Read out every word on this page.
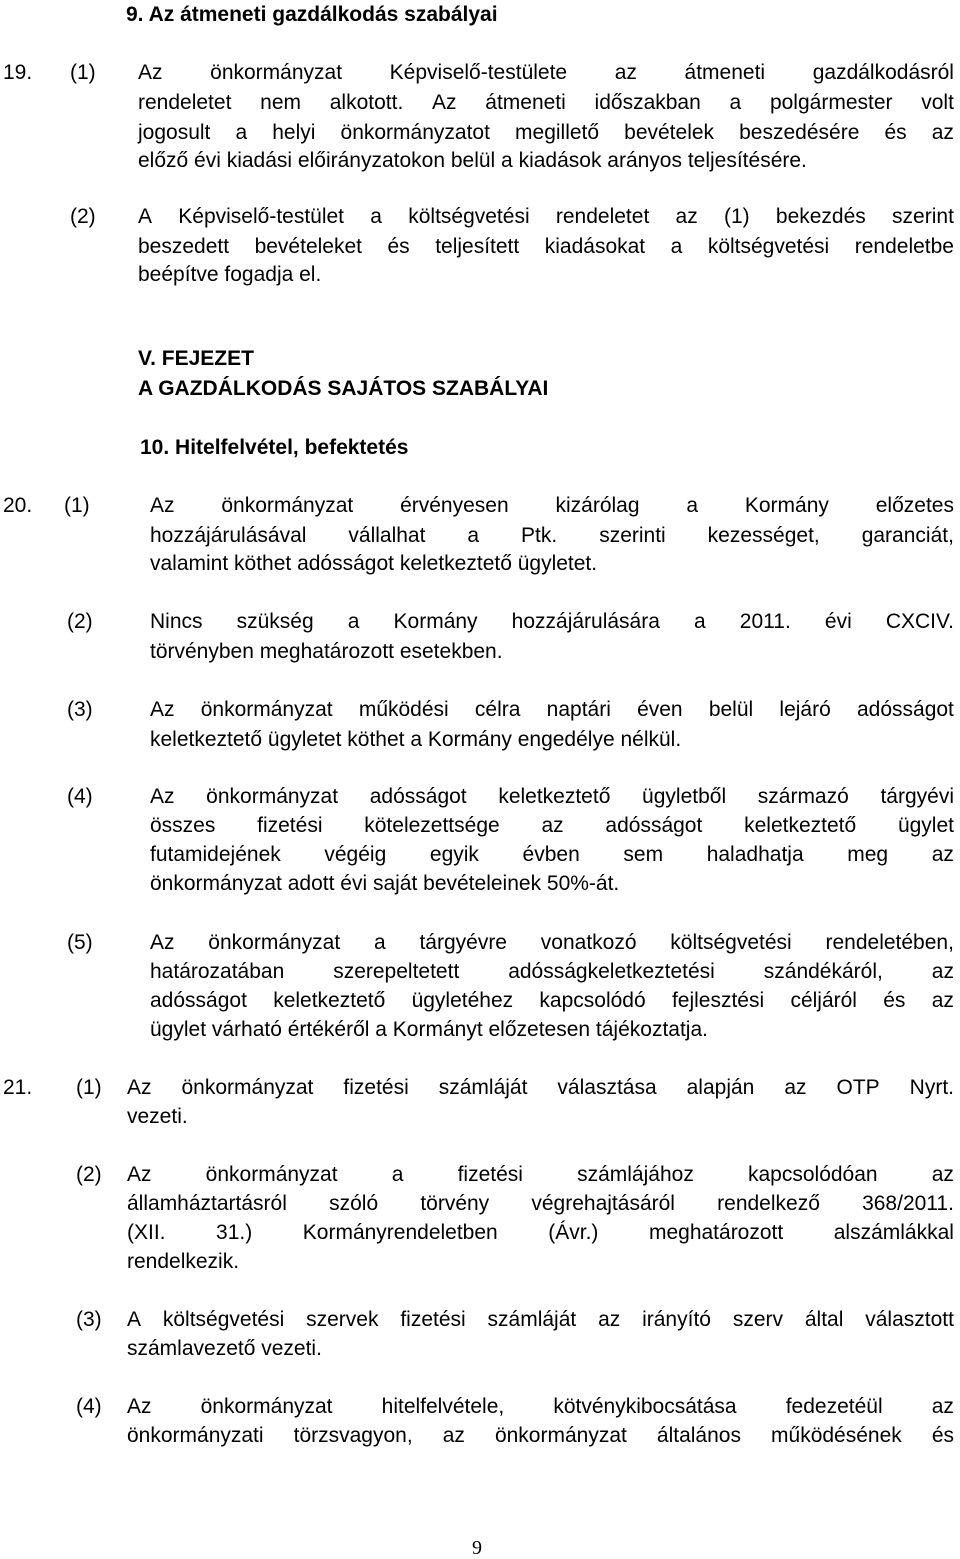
9. Az átmeneti gazdálkodás szabályai
19. (1) Az önkormányzat Képviselő-testülete az átmeneti gazdálkodásról
rendeletet nem alkotott. Az átmeneti időszakban a polgármester volt
jogosult a helyi önkormányzatot megillető bevételek beszedésére és az
előző évi kiadási előirányzatokon belül a kiadások arányos teljesítésére.
(2) A Képviselő-testület a költségvetési rendeletet az (1) bekezdés szerint
beszedett bevételeket és teljesített kiadásokat a költségvetési rendeletbe
beépítve fogadja el.
V. FEJEZET
A GAZDÁLKODÁS SAJÁTOS SZABÁLYAI
10. Hitelfelvétel, befektetés
20. (1)	Az önkormányzat érvényesen kizárólag a Kormány előzetes
hozzájárulásával vállalhat a Ptk. szerinti kezességet, garanciát,
valamint köthet adósságot keletkeztető ügyletet.
(2)	Nincs szükség a Kormány hozzájárulására a 2011. évi CXCIV.
törvényben meghatározott esetekben.
(3)	Az önkormányzat működési célra naptári éven belül lejáró adósságot
keletkeztető ügyletet köthet a Kormány engedélye nélkül.
(4)	Az önkormányzat adósságot keletkeztető ügyletből származó tárgyévi
összes fizetési kötelezettsége az adósságot keletkeztető ügylet
futamidejének végéig egyik évben sem haladhatja meg az
önkormányzat adott évi saját bevételeinek 50%-át.
(5)	Az önkormányzat a tárgyévre vonatkozó költségvetési rendeletében,
határozatában szerepeltetett adósságkeletkeztetési szándékáról, az
adósságot keletkeztető ügyletéhez kapcsolódó fejlesztési céljáról és az
ügylet várható értékéről a Kormányt előzetesen tájékoztatja.
21. (1) Az önkormányzat fizetési számláját választása alapján az OTP Nyrt.
vezeti.
(2) Az	önkormányzat	a	fizetési	számlájához	kapcsolódóan	az
államháztartásról szóló törvény végrehajtásáról rendelkező 368/2011.
(XII. 31.) Kormányrendeletben (Ávr.) meghatározott alszámlákkal
rendelkezik.
(3) A költségvetési szervek fizetési számláját az irányító szerv által választott
számlavezető vezeti.
(4) Az önkormányzat hitelfelvétele, kötvénykibocsátása fedezetéül az
önkormányzati törzsvagyon, az önkormányzat általános működésének és
9
